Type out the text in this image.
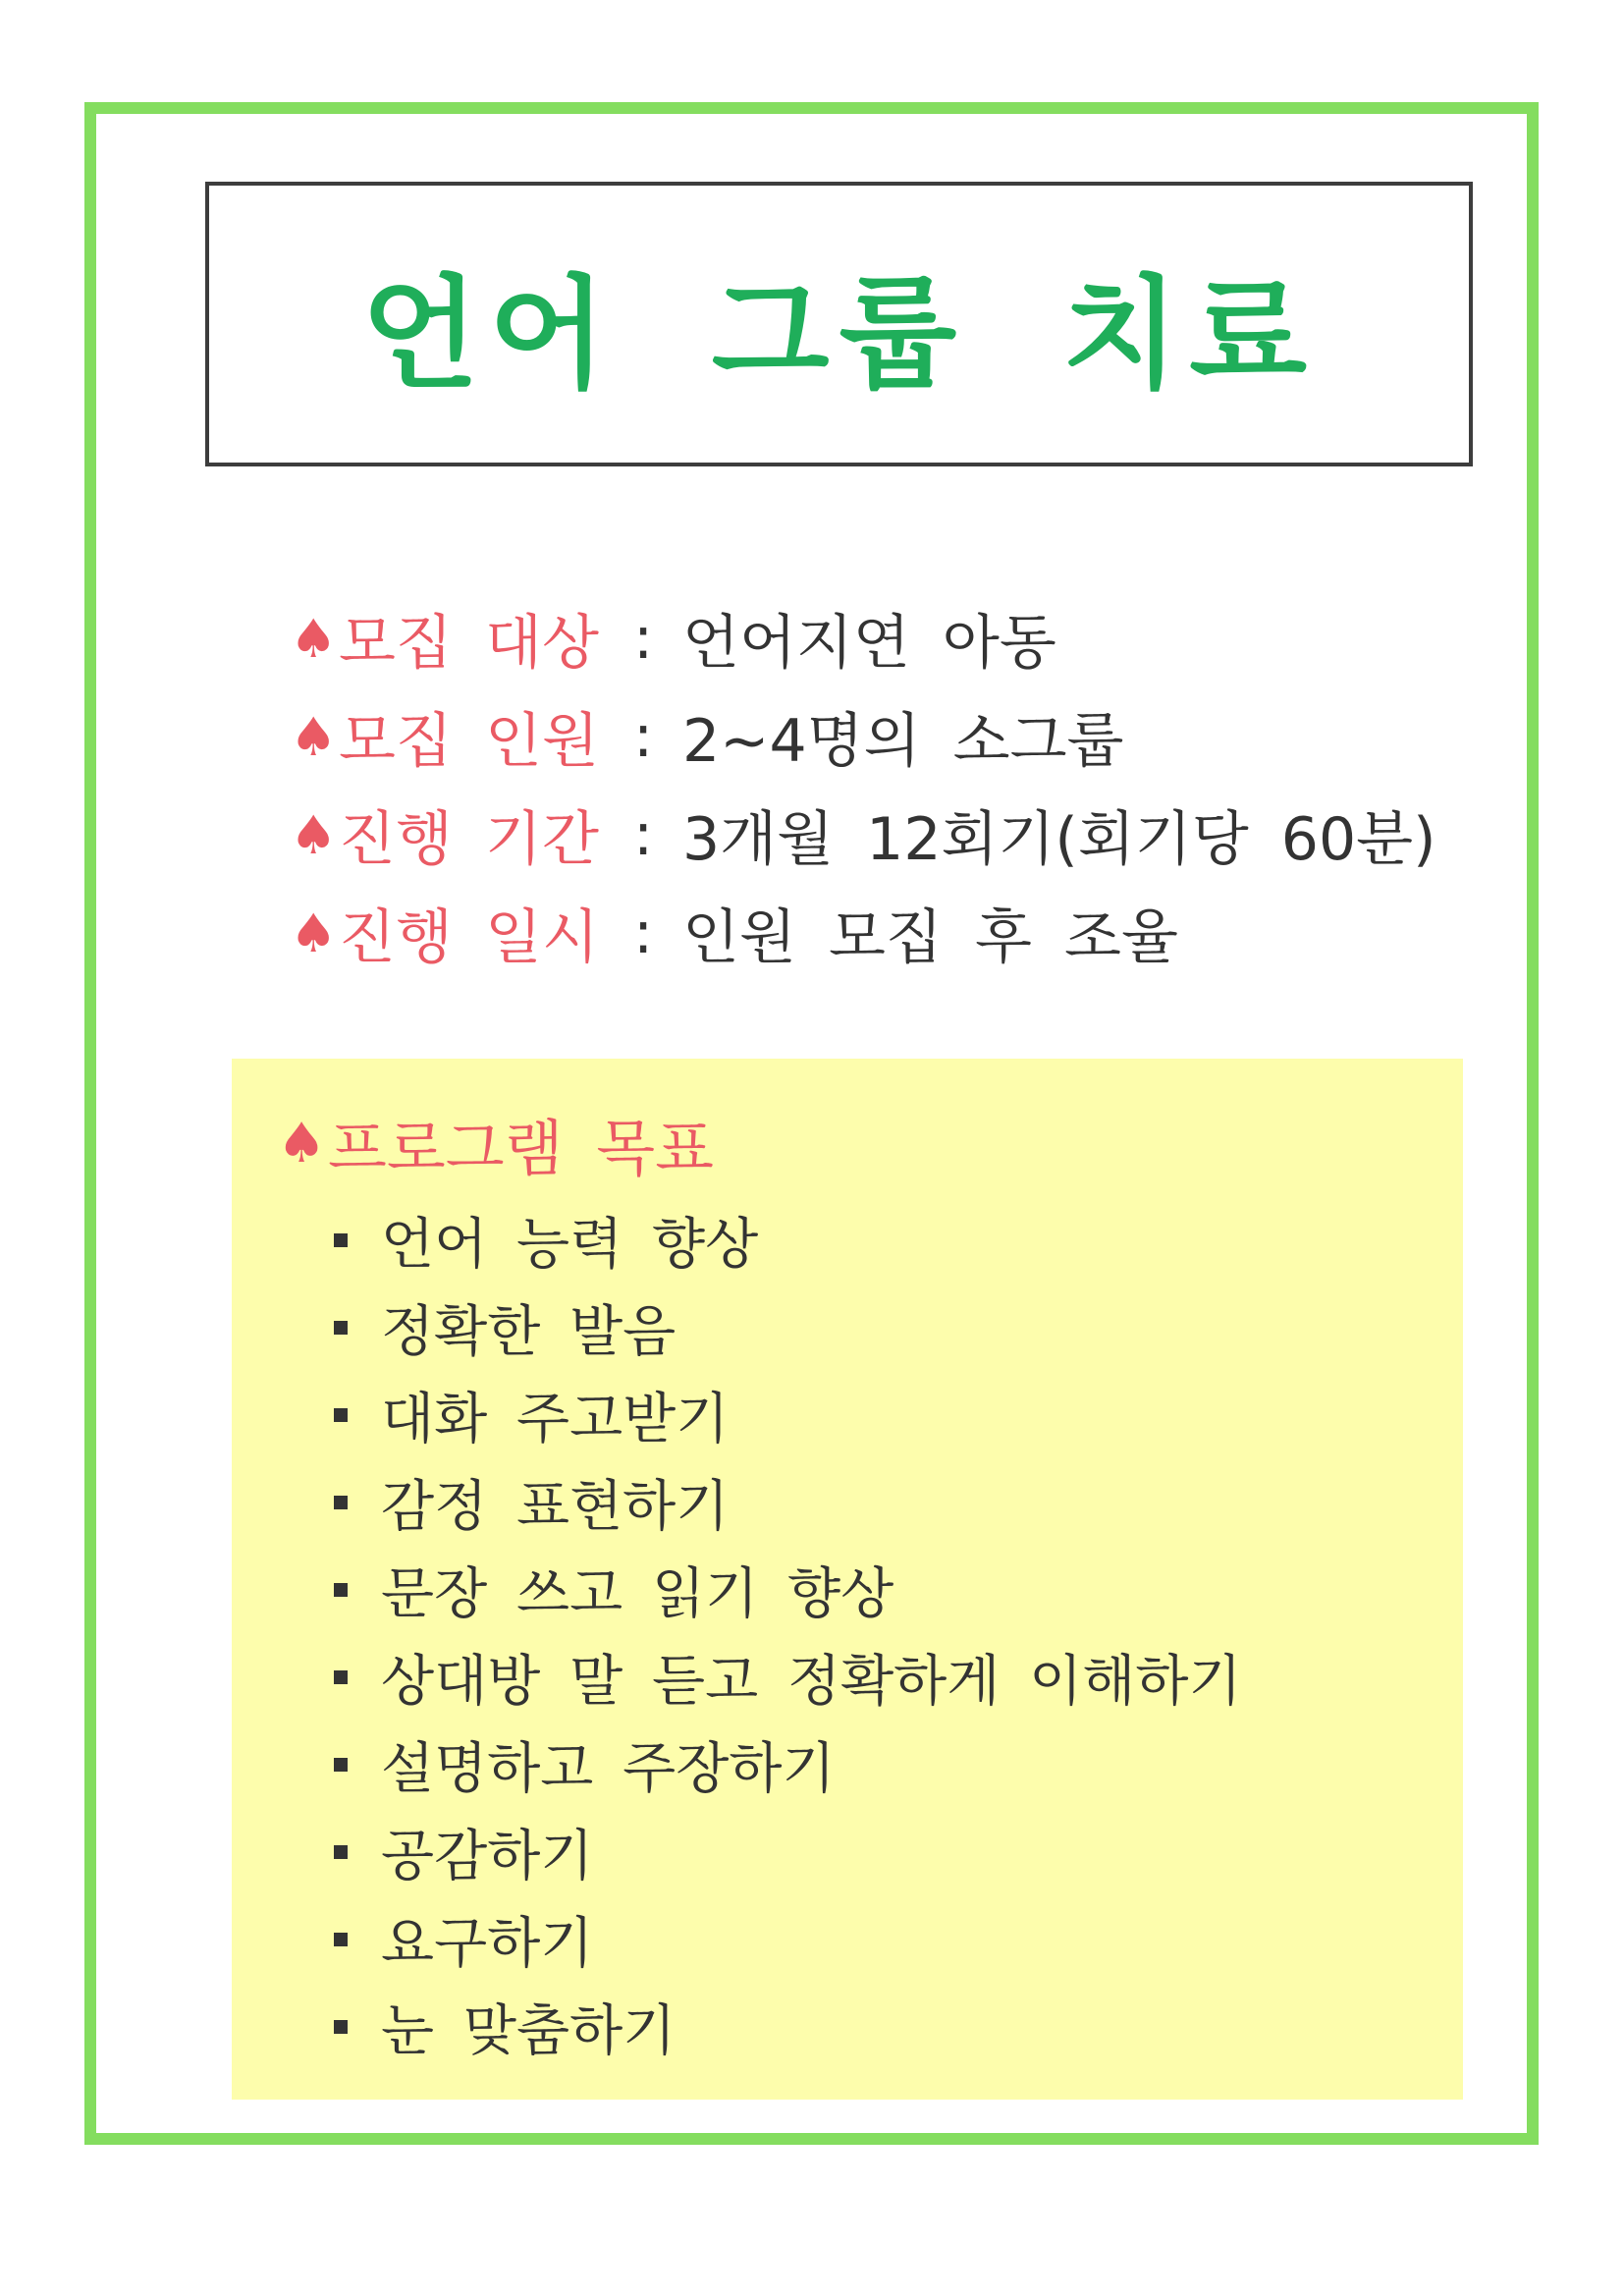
언어 그룹 치료
♠ 모집 대상 : 언어지연 아동
♠ 모집 인원 : 2~4명의 소그룹
♠ 진행 기간 : 3개월 12회기(회기당 60분)
♠ 진행 일시 : 인원 모집 후 조율
♠ 프로그램 목표
언어 능력 향상
정확한 발음
대화 주고받기
감정 표현하기
문장 쓰고 읽기 향상
상대방 말 듣고 정확하게 이해하기
설명하고 주장하기
공감하기
요구하기
눈 맞춤하기
